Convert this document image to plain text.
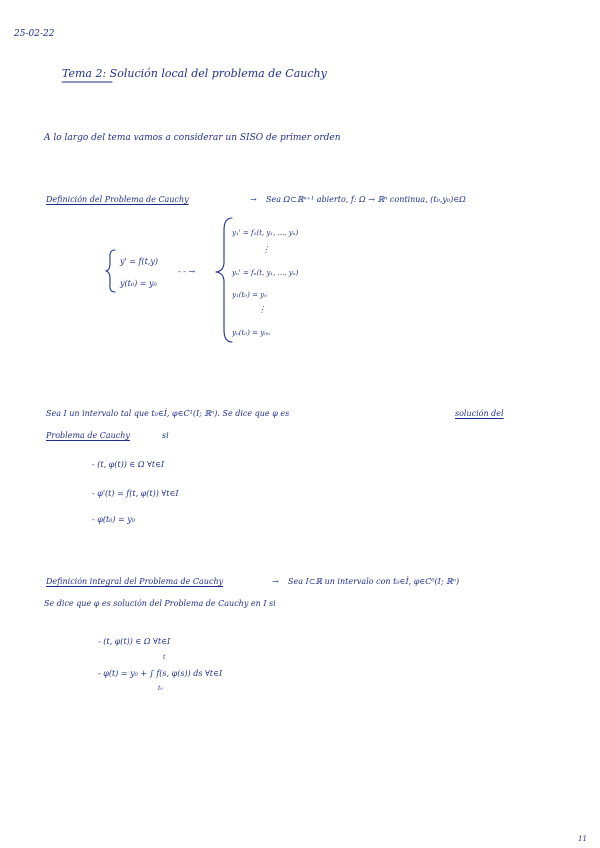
25-02-22
Tema 2: Solución local del problema de Cauchy
A lo largo del tema vamos a considerar un SISO de primer orden
Definición del Problema de Cauchy	→ Sea Ω⊂ℝⁿ⁺¹ abierto, f: Ω → ℝⁿ continua, (t₀,y₀)∈Ω
y' = f(t,y)
y(t₀) = y₀
- - →
y₁' = f₁(t, y₁, ..., yₙ)
⋮
yₙ' = fₙ(t, y₁, ..., yₙ)
y₁(t₀) = y₀
⋮
yₙ(t₀) = y₀ₙ
Sea I un intervalo tal que t₀∈İ, φ∈C¹(I; ℝⁿ). Se dice que φ es	solución del
Problema de Cauchy	si
- (t, φ(t)) ∈ Ω ∀t∈I
- φ'(t) = f(t, φ(t)) ∀t∈I
- φ(t₀) = y₀
Definición integral del Problema de Cauchy	→ Sea I⊂ℝ un intervalo con t₀∈İ, φ∈C⁰(I; ℝⁿ)
Se dice que φ es solución del Problema de Cauchy en I si
- (t, φ(t)) ∈ Ω ∀t∈I
t
- φ(t) = y₀ + ∫ f(s, φ(s)) ds ∀t∈I
t₀
11
